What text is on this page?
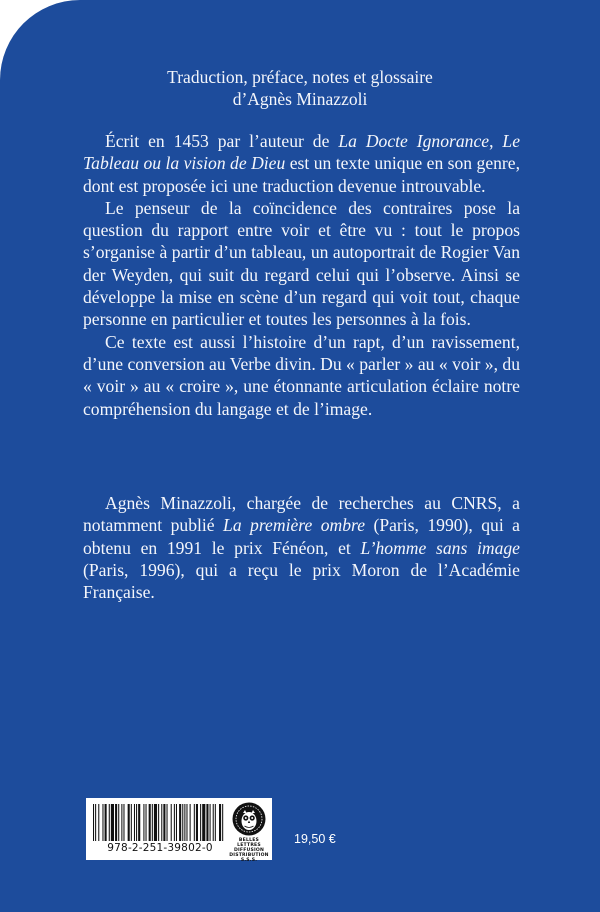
Traduction, préface, notes et glossaire
d’Agnès Minazzoli

Écrit en 1453 par l’auteur de La Docte Ignorance, Le Tableau ou la vision de Dieu est un texte unique en son genre, dont est proposée ici une traduction devenue introuvable.

Le penseur de la coïncidence des contraires pose la question du rapport entre voir et être vu : tout le propos s’organise à partir d’un tableau, un autoportrait de Rogier Van der Weyden, qui suit du regard celui qui l’observe. Ainsi se développe la mise en scène d’un regard qui voit tout, chaque personne en particulier et toutes les personnes à la fois.

Ce texte est aussi l’histoire d’un rapt, d’un ravissement, d’une conversion au Verbe divin. Du « parler » au « voir », du « voir » au « croire », une étonnante articulation éclaire notre compréhension du langage et de l’image.

Agnès Minazzoli, chargée de recherches au CNRS, a notamment publié La première ombre (Paris, 1990), qui a obtenu en 1991 le prix Fénéon, et L’homme sans image (Paris, 1996), qui a reçu le prix Moron de l’Académie Française.

978-2-251-39802-0
BELLES LETTRES
DIFFUSION
DISTRIBUTION
S.S.S.
19,50 €
